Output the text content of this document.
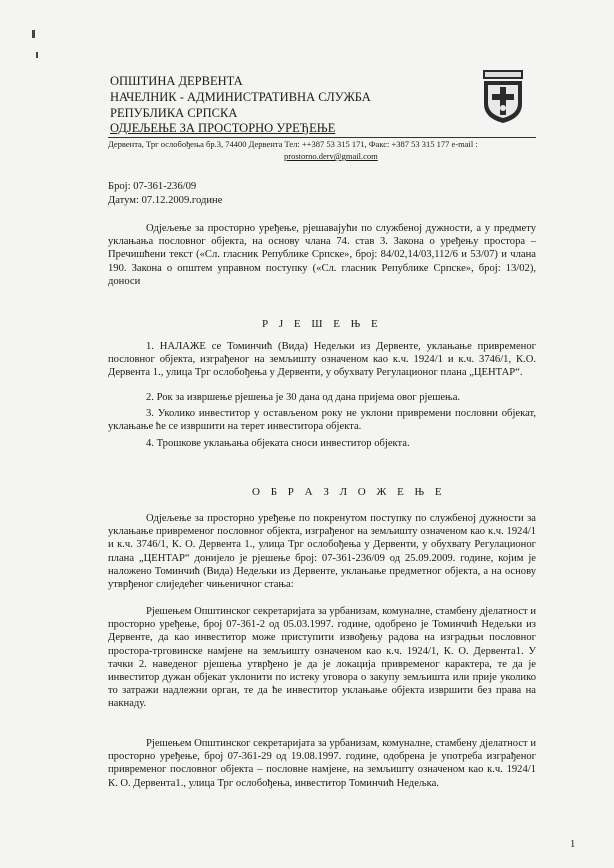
ОПШТИНА ДЕРВЕНТА
НАЧЕЛНИК - АДМИНИСТРАТИВНА СЛУЖБА
РЕПУБЛИКА СРПСКА
ОДЈЕЉЕЊЕ ЗА ПРОСТОРНО УРЕЂЕЊЕ
Дервента, Трг ослобођења бр.3, 74400 Дервента Тел: ++387 53 315 171, Факс: +387 53 315 177 e-mail :
prostorno.derv@gmail.com
Број: 07-361-236/09
Датум: 07.12.2009.године
Одјељење за просторно уређење, рјешавајући по службеној дужности, а у предмету уклањања пословног објекта, на основу члана 74. став 3. Закона о уређењу простора – Пречишћени текст («Сл. гласник Републике Српске», број: 84/02,14/03,112/6 и 53/07) и члана 190. Закона о општем управном поступку («Сл. гласник Републике Српске», број: 13/02), доноси
Р Ј Е Ш Е Њ Е
1. НАЛАЖЕ се Томинчић (Вида) Недељки из Дервенте, уклањање привременог пословног објекта, изграђеног на земљишту означеном као к.ч. 1924/1 и к.ч. 3746/1, К.О. Дервента 1., улица Трг ослобођења у Дервенти, у обухвату Регулационог плана „ЦЕНТАР“.
2. Рок за извршење рјешења је 30 дана од дана пријема овог рјешења.
3. Уколико инвеститор у остављеном року не уклони привремени пословни објекат, уклањање ће се извршити на терет инвеститора објекта.
4. Трошкове уклањања објеката сноси инвеститор објекта.
О Б Р А З Л О Ж Е Њ Е
Одјељење за просторно уређење по покренутом поступку по службеној дужности за уклањање привременог пословног објекта, изграђеног на земљишту означеном као к.ч. 1924/1 и к.ч. 3746/1, К. О. Дервента 1., улица Трг ослобођења у Дервенти, у обухвату Регулационог плана „ЦЕНТАР“ донијело је рјешење број: 07-361-236/09 од 25.09.2009. године, којим је наложено Томинчић (Вида) Недељки из Дервенте, уклањање предметног објекта, а на основу утврђеног слиједећег чињеничног стања:
Рјешењем Општинског секретаријата за урбанизам, комуналне, стамбену дјелатност и просторно уређење, број 07-361-2 од 05.03.1997. године, одобрено је Томинчић Недељки из Дервенте, да као инвеститор може приступити извођењу радова на изградњи пословног простора-трговинске намјене на земљишту означеном као к.ч. 1924/1, К. О. Дервента1. У тачки 2. наведеног рјешења утврђено је да је локација привременог карактера, те да је инвеститор дужан објекат уклонити по истеку уговора о закупу земљишта или прије уколико то затражи надлежни орган, те да ће инвеститор уклањање објекта извршити без права на накнаду.
Рјешењем Општинског секретаријата за урбанизам, комуналне, стамбену дјелатност и просторно уређење, број 07-361-29 од 19.08.1997. године, одобрена је употреба изграђеног привременог пословног објекта – пословне намјене, на земљишту означеном као к.ч. 1924/1 К. О. Дервента1., улица Трг ослобођења, инвеститор Томинчић Недељка.
1
